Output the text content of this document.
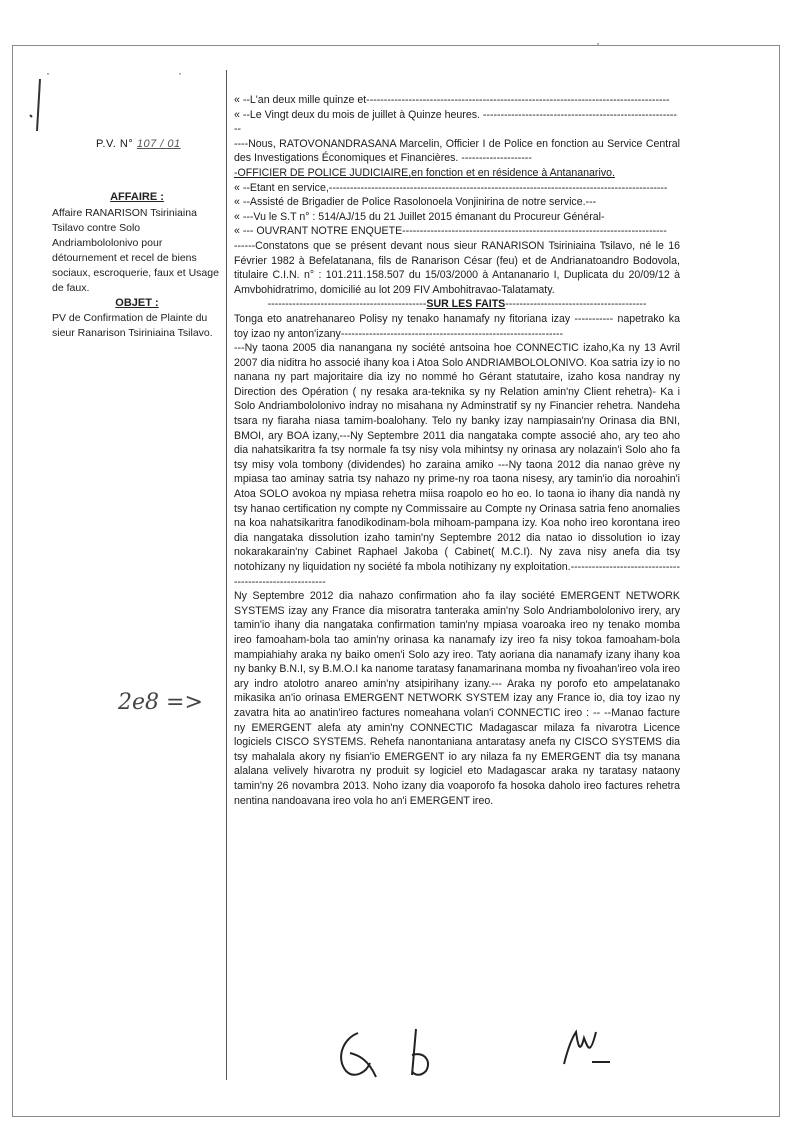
·	·
·
P.V. N° 107 / 01

AFFAIRE :

Affaire RANARISON Tsiriniaina Tsilavo contre Solo Andriambololonivo pour détournement et recel de biens sociaux, escroquerie, faux et Usage de faux.

OBJET :

PV de Confirmation de Plainte du sieur Ranarison Tsiriniaina Tsilavo.

2e8 =>

« --L'an deux mille quinze et--------------------------------------------------------------------------------------

« --Le Vingt deux du mois de juillet à Quinze heures. ---------------------------------------------------------

----Nous, RATOVONANDRASANA Marcelin, Officier I de Police en fonction au Service Central des Investigations Économiques et Financières. --------------------

-OFFICIER DE POLICE JUDICIAIRE,en fonction et en résidence à Antananarivo.

« --Etant en service,------------------------------------------------------------------------------------------------

« --Assisté de Brigadier de Police Rasolonoela Vonjinirina de notre service.---

« ---Vu le S.T n° : 514/AJ/15 du 21 Juillet 2015 émanant du Procureur Général-

« --- OUVRANT NOTRE ENQUETE---------------------------------------------------------------------------

------Constatons que se présent devant nous sieur RANARISON Tsiriniaina Tsilavo, né le 16 Février 1982 à Befelatanana, fils de Ranarison César (feu) et de Andrianatoandro Bodovola, titulaire C.I.N. n° : 101.211.158.507 du 15/03/2000 à Antananario I, Duplicata du 20/09/12 à Amvbohidratrimo, domicilié au lot 209 FIV Ambohitravao-Talatamaty.

---------------------------------------------SUR LES FAITS----------------------------------------

Tonga eto anatrehanareo Polisy ny tenako hanamafy ny fitoriana izay ----------- napetrako ka toy izao ny anton'izany---------------------------------------------------------------

---Ny taona 2005 dia nanangana ny société antsoina hoe CONNECTIC izaho,Ka ny 13 Avril 2007 dia niditra ho associé ihany koa i Atoa Solo ANDRIAMBOLOLONIVO. Koa satria izy io no nanana ny part majoritaire dia izy no nommé ho Gérant statutaire, izaho kosa nandray ny Direction des Opération ( ny resaka ara-teknika sy ny Relation amin'ny Client rehetra)- Ka i Solo Andriambololonivo indray no misahana ny Adminstratif sy ny Financier rehetra. Nandeha tsara ny fiaraha niasa tamim-boalohany. Telo ny banky izay nampiasain'ny Orinasa dia BNI, BMOI, ary BOA izany,---Ny Septembre 2011 dia nangataka compte associé aho, ary teo aho dia nahatsikaritra fa tsy normale fa tsy nisy vola mihintsy ny orinasa ary nolazain'i Solo aho fa tsy misy vola tombony (dividendes) ho zaraina amiko ---Ny taona 2012 dia nanao grève ny mpiasa tao aminay satria tsy nahazo ny prime-ny roa taona nisesy, ary tamin'io dia noroahin'i Atoa SOLO avokoa ny mpiasa rehetra miisa roapolo eo ho eo. Io taona io ihany dia nandà ny tsy hanao certification ny compte ny Commissaire au Compte ny Orinasa satria feno anomalies na koa nahatsikaritra fanodikodinam-bola mihoam-pampana izy. Koa noho ireo korontana ireo dia nangataka dissolution izaho tamin'ny Septembre 2012 dia natao io dissolution io izay nokarakarain'ny Cabinet Raphael Jakoba ( Cabinet( M.C.I). Ny zava nisy anefa dia tsy notohizany ny liquidation ny société fa mbola notihizany ny exploitation.---------------------------------------------------------

Ny Septembre 2012 dia nahazo confirmation aho fa ilay société EMERGENT NETWORK SYSTEMS izay any France dia misoratra tanteraka amin'ny Solo Andriambololonivo irery, ary tamin'io ihany dia nangataka confirmation tamin'ny mpiasa voaroaka ireo ny tenako momba ireo famoaham-bola tao amin'ny orinasa ka nanamafy izy ireo fa nisy tokoa famoaham-bola mampiahiahy araka ny baiko omen'i Solo azy ireo. Taty aoriana dia nanamafy izany ihany koa ny banky B.N.I, sy B.M.O.I ka nanome taratasy fanamarinana momba ny fivoahan'ireo vola ireo ary indro atolotro anareo amin'ny atsipirihany izany.--- Araka ny porofo eto ampelatanako mikasika an'io orinasa EMERGENT NETWORK SYSTEM izay any France io, dia toy izao ny zavatra hita ao anatin'ireo factures nomeahana volan'i CONNECTIC ireo : -- --Manao facture ny EMERGENT alefa aty amin'ny CONNECTIC Madagascar milaza fa nivarotra Licence logiciels CISCO SYSTEMS. Rehefa nanontaniana antaratasy anefa ny CISCO SYSTEMS dia tsy mahalala akory ny fisian'io EMERGENT io ary nilaza fa ny EMERGENT dia tsy manana alalana velively hivarotra ny produit sy logiciel eto Madagascar araka ny taratasy nataony tamin'ny 26 novambra 2013. Noho izany dia voaporofo fa hosoka daholo ireo factures rehetra nentina nandoavana ireo vola ho an'i EMERGENT ireo.
